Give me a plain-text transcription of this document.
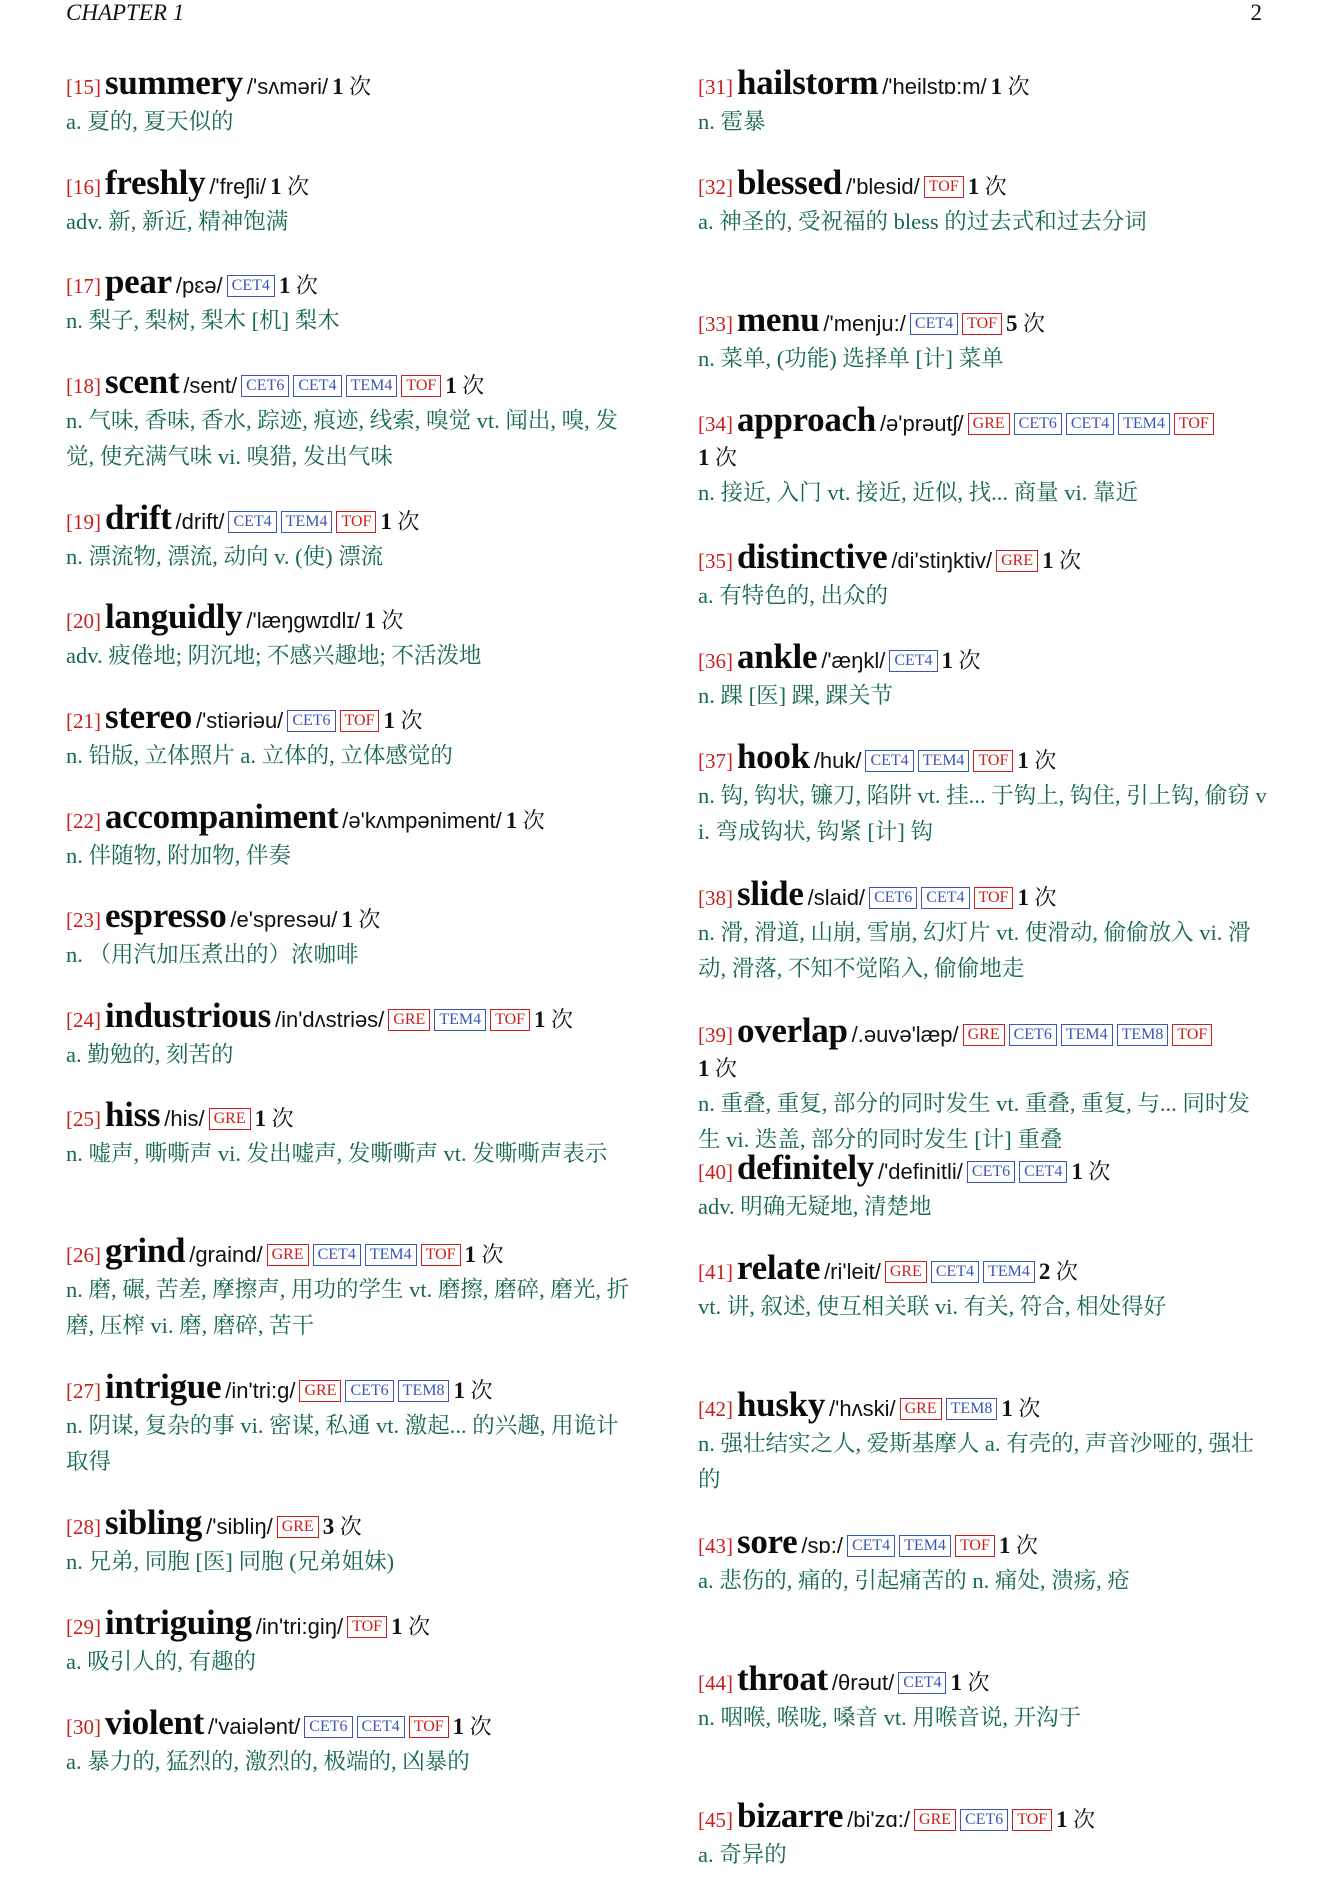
CHAPTER 1	2
[15] summery /'sʌməri/ 1 次

a. 夏的, 夏天似的

[16] freshly /'freʃli/ 1 次

adv. 新, 新近, 精神饱满

[17] pear /pɛə/ CET4 1 次

n. 梨子, 梨树, 梨木 [机] 梨木

[18] scent /sent/ CET6 CET4 TEM4 TOF 1 次

n. 气味, 香味, 香水, 踪迹, 痕迹, 线索, 嗅觉 vt. 闻出, 嗅, 发觉, 使充满气味 vi. 嗅猎, 发出气味

[19] drift /drift/ CET4 TEM4 TOF 1 次

n. 漂流物, 漂流, 动向 v. (使) 漂流

[20] languidly /'læŋgwɪdlɪ/ 1 次

adv. 疲倦地; 阴沉地; 不感兴趣地; 不活泼地

[21] stereo /'stiəriəu/ CET6 TOF 1 次

n. 铅版, 立体照片 a. 立体的, 立体感觉的

[22] accompaniment /ə'kʌmpəniment/ 1 次

n. 伴随物, 附加物, 伴奏

[23] espresso /e'spresəu/ 1 次

n. （用汽加压煮出的）浓咖啡

[24] industrious /in'dʌstriəs/ GRE TEM4 TOF 1 次

a. 勤勉的, 刻苦的

[25] hiss /his/ GRE 1 次

n. 嘘声, 嘶嘶声 vi. 发出嘘声, 发嘶嘶声 vt. 发嘶嘶声表示

[26] grind /graind/ GRE CET4 TEM4 TOF 1 次

n. 磨, 碾, 苦差, 摩擦声, 用功的学生 vt. 磨擦, 磨碎, 磨光, 折磨, 压榨 vi. 磨, 磨碎, 苦干

[27] intrigue /in'tri:g/ GRE CET6 TEM8 1 次

n. 阴谋, 复杂的事 vi. 密谋, 私通 vt. 激起... 的兴趣, 用诡计取得

[28] sibling /'sibliŋ/ GRE 3 次

n. 兄弟, 同胞 [医] 同胞 (兄弟姐妹)

[29] intriguing /in'tri:giŋ/ TOF 1 次

a. 吸引人的, 有趣的

[30] violent /'vaiələnt/ CET6 CET4 TOF 1 次

a. 暴力的, 猛烈的, 激烈的, 极端的, 凶暴的

[31] hailstorm /'heilstɒ:m/ 1 次

n. 雹暴

[32] blessed /'blesid/ TOF 1 次

a. 神圣的, 受祝福的 bless 的过去式和过去分词

[33] menu /'menju:/ CET4 TOF 5 次

n. 菜单, (功能) 选择单 [计] 菜单

[34] approach /ə'prəutʃ/ GRE CET6 CET4 TEM4 TOF
1 次

n. 接近, 入门 vt. 接近, 近似, 找... 商量 vi. 靠近

[35] distinctive /di'stiŋktiv/ GRE 1 次

a. 有特色的, 出众的

[36] ankle /'æŋkl/ CET4 1 次

n. 踝 [医] 踝, 踝关节

[37] hook /huk/ CET4 TEM4 TOF 1 次

n. 钩, 钩状, 镰刀, 陷阱 vt. 挂... 于钩上, 钩住, 引上钩, 偷窃 vi. 弯成钩状, 钩紧 [计] 钩

[38] slide /slaid/ CET6 CET4 TOF 1 次

n. 滑, 滑道, 山崩, 雪崩, 幻灯片 vt. 使滑动, 偷偷放入 vi. 滑动, 滑落, 不知不觉陷入, 偷偷地走

[39] overlap /.əuvə'læp/ GRE CET6 TEM4 TEM8 TOF
1 次

n. 重叠, 重复, 部分的同时发生 vt. 重叠, 重复, 与... 同时发生 vi. 迭盖, 部分的同时发生 [计] 重叠

[40] definitely /'definitli/ CET6 CET4 1 次

adv. 明确无疑地, 清楚地

[41] relate /ri'leit/ GRE CET4 TEM4 2 次

vt. 讲, 叙述, 使互相关联 vi. 有关, 符合, 相处得好

[42] husky /'hʌski/ GRE TEM8 1 次

n. 强壮结实之人, 爱斯基摩人 a. 有壳的, 声音沙哑的, 强壮的

[43] sore /sɒ:/ CET4 TEM4 TOF 1 次

a. 悲伤的, 痛的, 引起痛苦的 n. 痛处, 溃疡, 疮

[44] throat /θrəut/ CET4 1 次

n. 咽喉, 喉咙, 嗓音 vt. 用喉音说, 开沟于

[45] bizarre /bi'zɑ:/ GRE CET6 TOF 1 次

a. 奇异的
